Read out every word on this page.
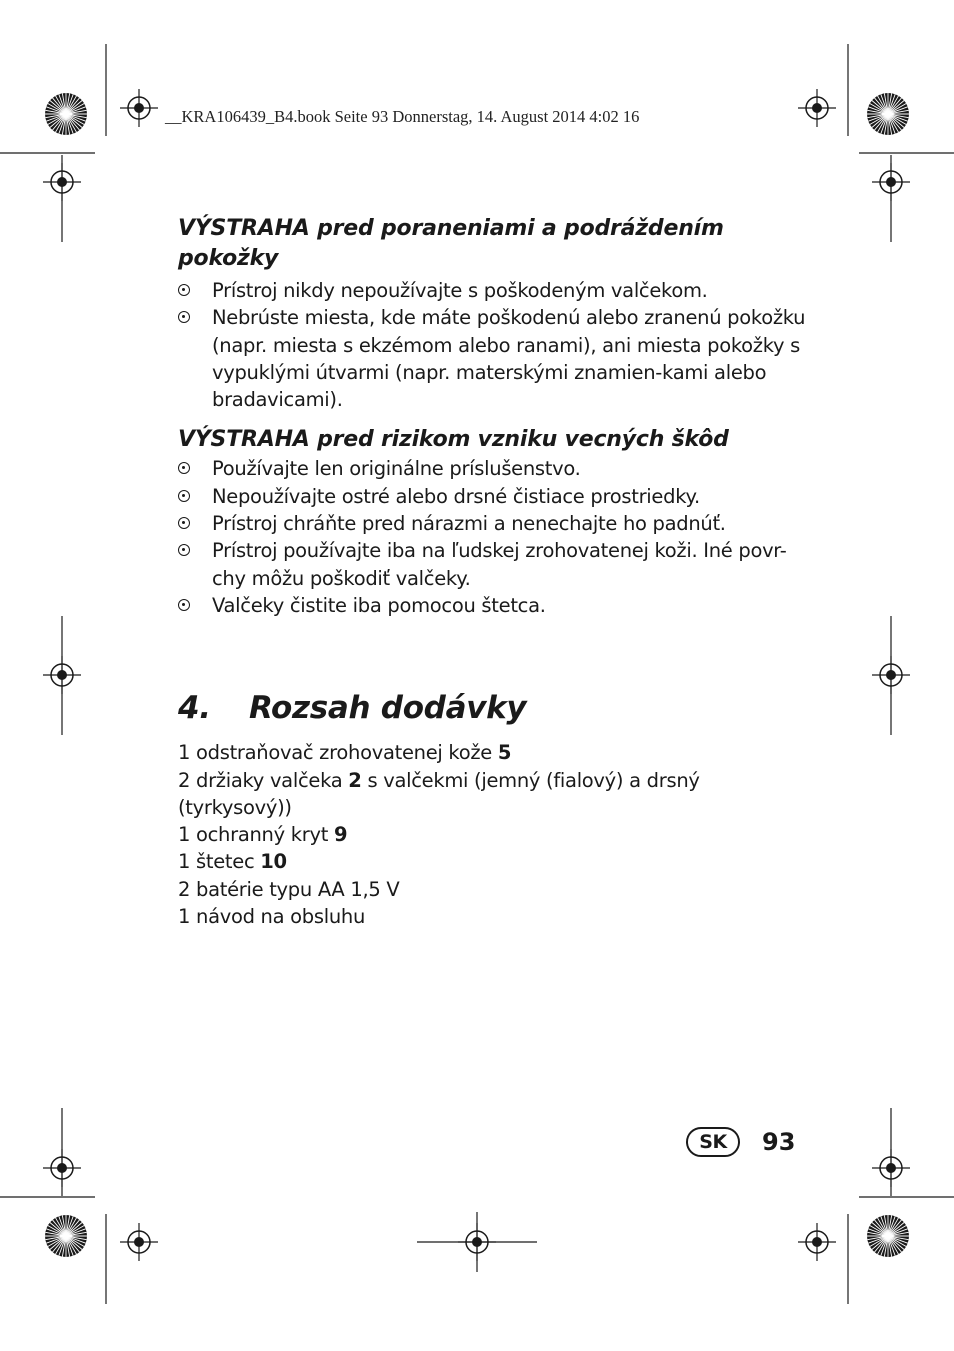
__KRA106439_B4.book Seite 93 Donnerstag, 14. August 2014 4:02 16
VÝSTRAHA pred poraneniami a podráždením pokožky
Prístroj nikdy nepoužívajte s poškodeným valčekom.
Nebrúste miesta, kde máte poškodenú alebo zranenú pokožku (napr. miesta s ekzémom alebo ranami), ani miesta pokožky s vypuklými útvarmi (napr. materskými znamien-kami alebo bradavicami).
VÝSTRAHA pred rizikom vzniku vecných škôd
Používajte len originálne príslušenstvo.
Nepoužívajte ostré alebo drsné čistiace prostriedky.
Prístroj chráňte pred nárazmi a nenechajte ho padnúť.
Prístroj používajte iba na ľudskej zrohovatenej koži. Iné povr-chy môžu poškodiť valčeky.
Valčeky čistite iba pomocou štetca.
4.	Rozsah dodávky
1 odstraňovač zrohovatenej kože 5
2 držiaky valčeka 2 s valčekmi (jemný (fialový) a drsný (tyrkysový))
1 ochranný kryt 9
1 štetec 10
2 batérie typu AA 1,5 V
1 návod na obsluhu
SK	93
